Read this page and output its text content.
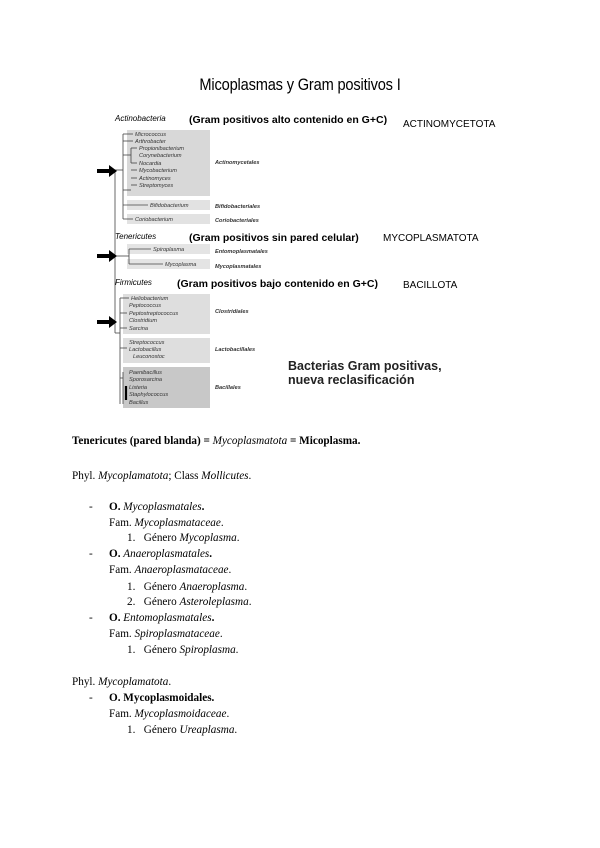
Micoplasmas y Gram positivos I
Actinobacteria (Gram positivos alto contenido en G+C) ACTINOMYCETOTA
Tenericutes	(Gram positivos sin pared celular) MYCOPLASMATOTA
Firmicutes (Gram positivos bajo contenido en G+C)	BACILLOTA
Micrococcus
Arthrobacter
Propionibacterium
Corynebacterium
Nocardia
Mycobacterium
Actinomyces
Streptomyces
Bifidobacterium
Coriobacterium
Spiroplasma
Mycoplasma
Heliobacterium
Peptococcus
Peptostreptococcus
Clostridium
Sarcina
Streptococcus
Lactobacillus
Leuconostoc
Paenibacillus
Sporosarcina
Listeria
Staphylococcus
Bacillus
Actinomycetales
Bifidobacteriales
Coriobacteriales
Entomoplasmatales
Mycoplasmatales
Clostridiales
Lactobacillales
Bacillales
Bacterias Gram positivas,
nueva reclasificación
Tenericutes (pared blanda) = Mycoplasmatota = Micoplasma.
Phyl. Mycoplamatota; Class Mollicutes.
- O. Mycoplasmatales.
Fam. Mycoplasmataceae.
1. Género Mycoplasma.
- O. Anaeroplasmatales.
Fam. Anaeroplasmataceae.
1. Género Anaeroplasma.
2. Género Asteroleplasma.
- O. Entomoplasmatales.
Fam. Spiroplasmataceae.
1. Género Spiroplasma.
Phyl. Mycoplamatota.
- O. Mycoplasmoidales.
Fam. Mycoplasmoidaceae.
1. Género Ureaplasma.
